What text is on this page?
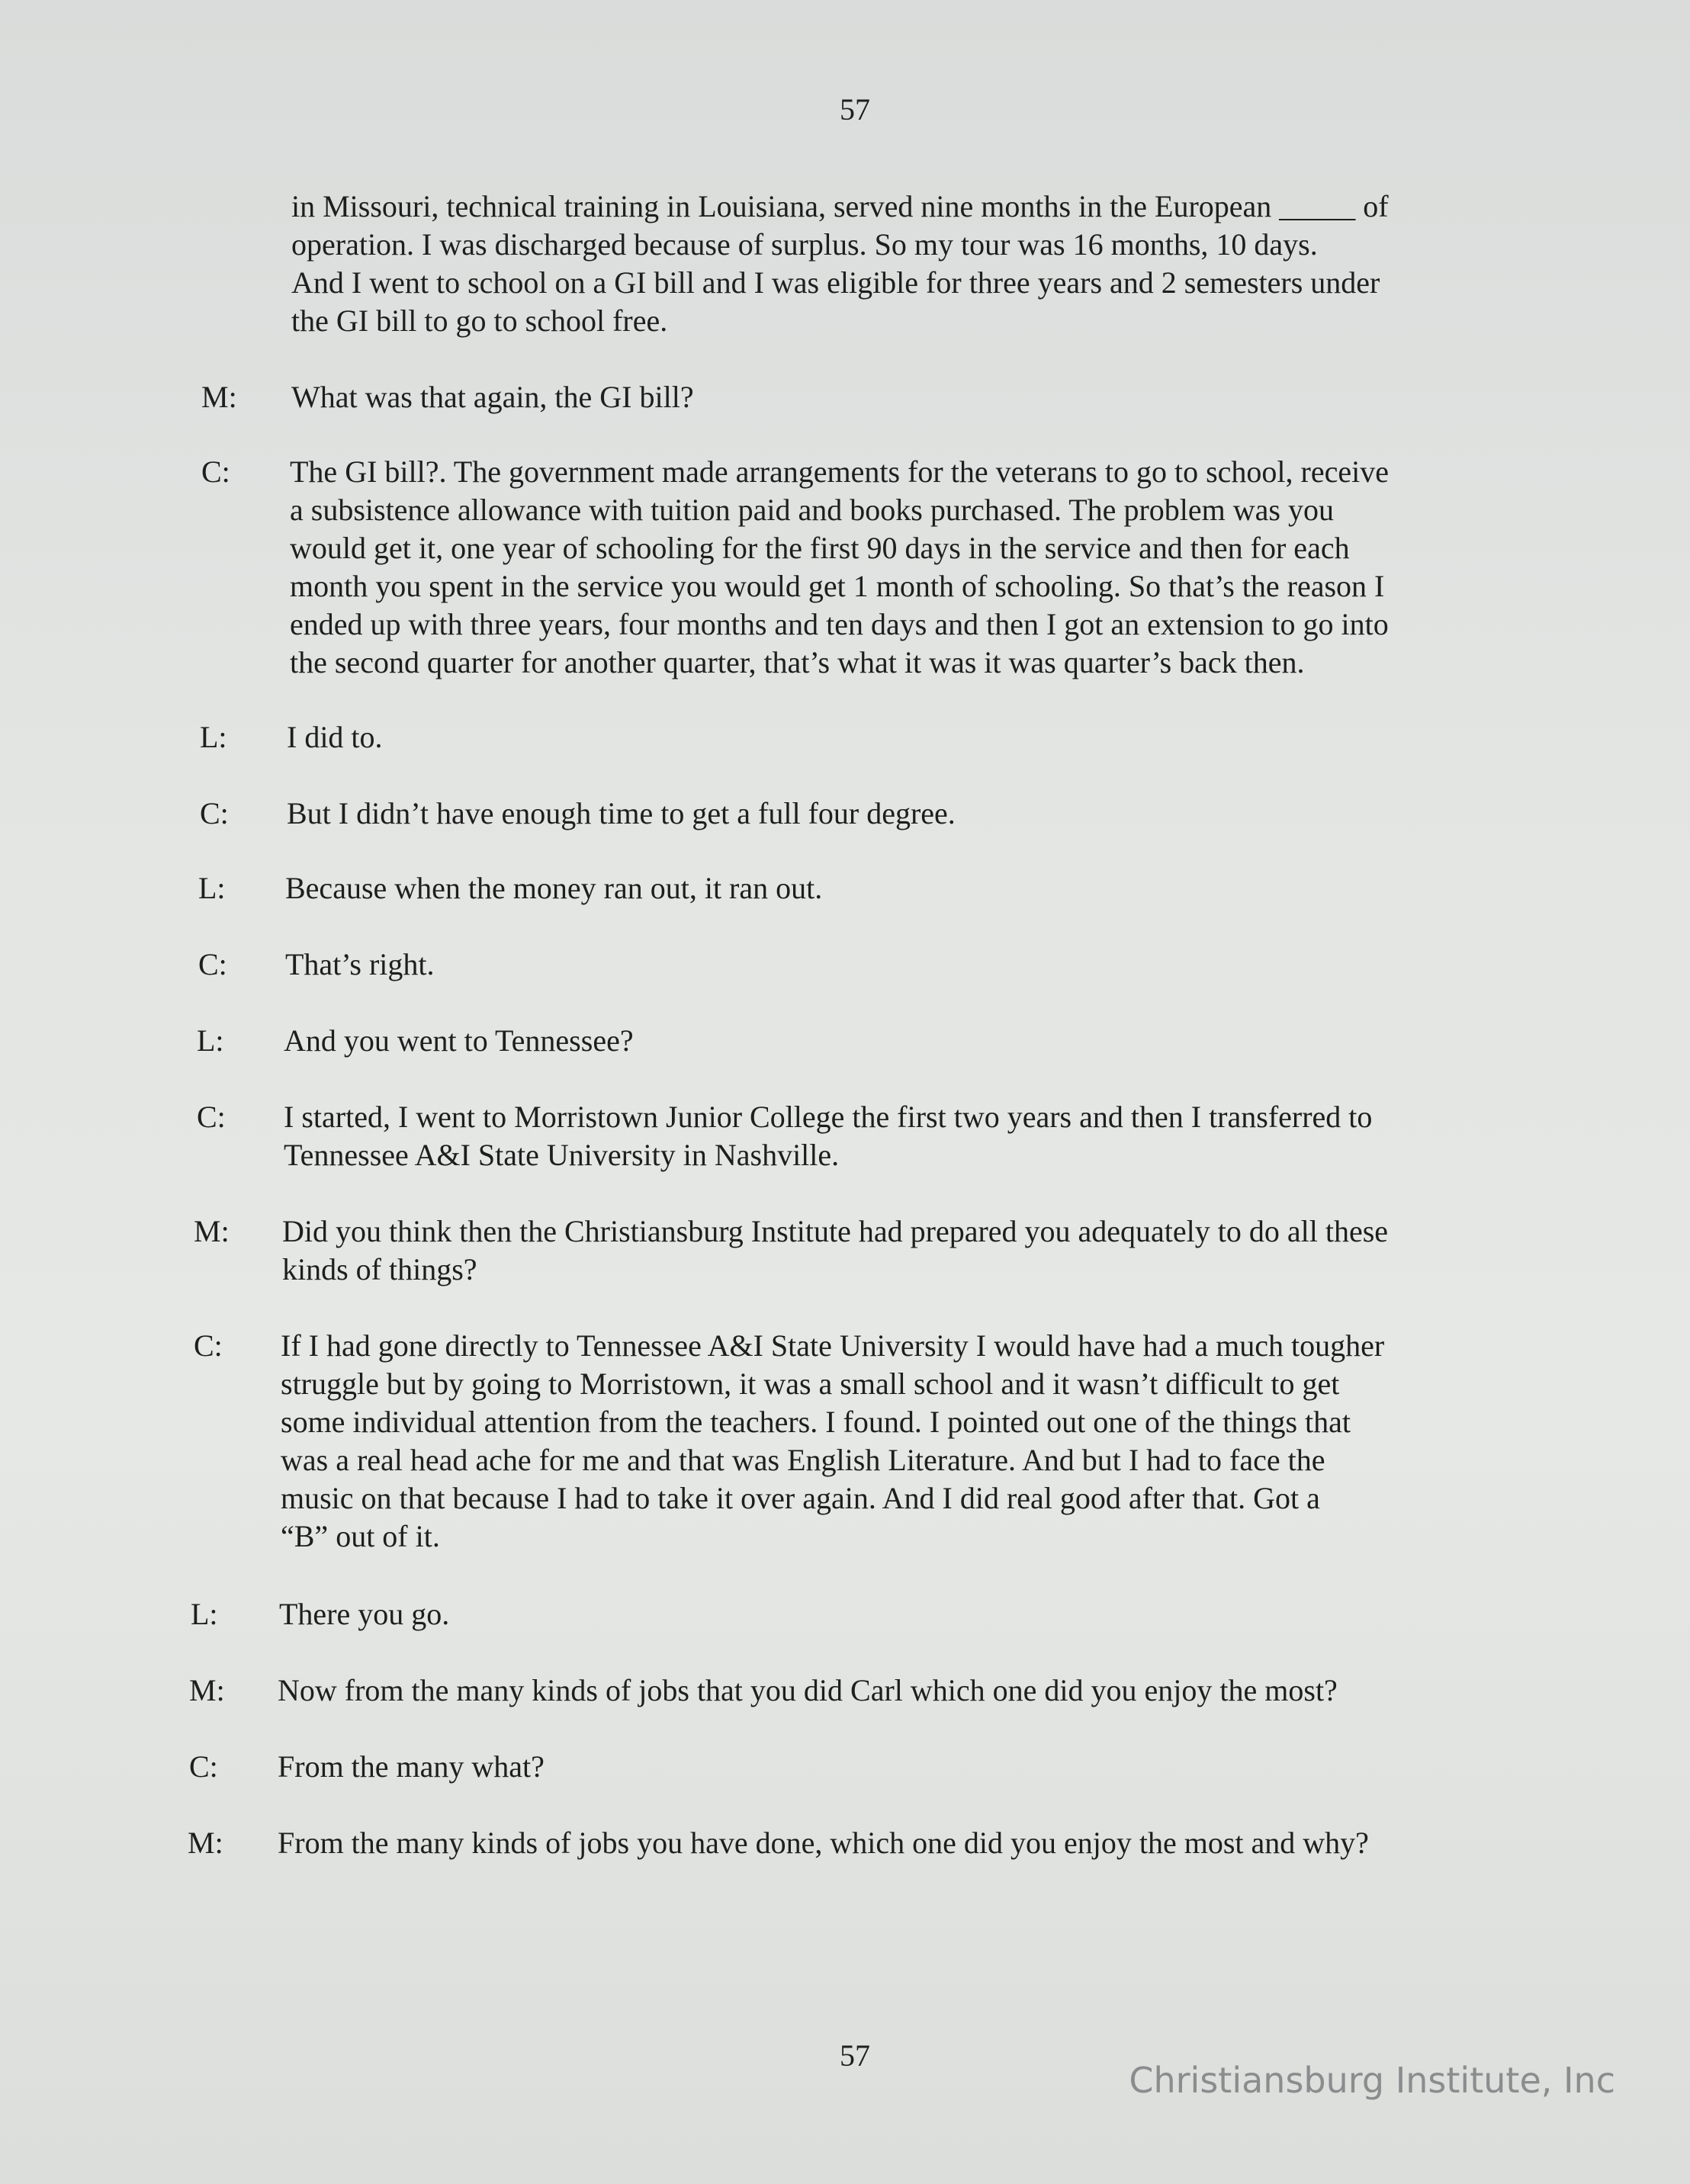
57
in Missouri, technical training in Louisiana, served nine months in the European _____ of
operation. I was discharged because of surplus. So my tour was 16 months, 10 days.
And I went to school on a GI bill and I was eligible for three years and 2 semesters under
the GI bill to go to school free.
M: What was that again, the GI bill?
C: The GI bill?. The government made arrangements for the veterans to go to school, receive
a subsistence allowance with tuition paid and books purchased. The problem was you
would get it, one year of schooling for the first 90 days in the service and then for each
month you spent in the service you would get 1 month of schooling. So that’s the reason I
ended up with three years, four months and ten days and then I got an extension to go into
the second quarter for another quarter, that’s what it was it was quarter’s back then.
L: I did to.
C: But I didn’t have enough time to get a full four degree.
L: Because when the money ran out, it ran out.
C: That’s right.
L: And you went to Tennessee?
C: I started, I went to Morristown Junior College the first two years and then I transferred to
Tennessee A&I State University in Nashville.
M: Did you think then the Christiansburg Institute had prepared you adequately to do all these
kinds of things?
C: If I had gone directly to Tennessee A&I State University I would have had a much tougher
struggle but by going to Morristown, it was a small school and it wasn’t difficult to get
some individual attention from the teachers. I found. I pointed out one of the things that
was a real head ache for me and that was English Literature. And but I had to face the
music on that because I had to take it over again. And I did real good after that. Got a
“B” out of it.
L: There you go.
M: Now from the many kinds of jobs that you did Carl which one did you enjoy the most?
C: From the many what?
M: From the many kinds of jobs you have done, which one did you enjoy the most and why?
57
Christiansburg Institute, Inc
